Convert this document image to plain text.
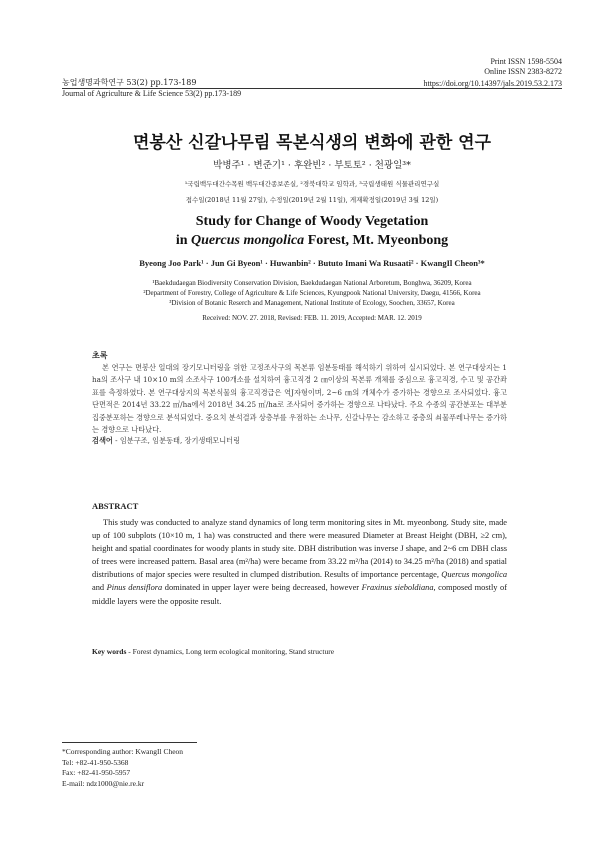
Print ISSN 1598-5504
Online ISSN 2383-8272
농업생명과학연구 53(2) pp.173-189	https://doi.org/10.14397/jals.2019.53.2.173
Journal of Agriculture & Life Science 53(2) pp.173-189
면봉산 신갈나무림 목본식생의 변화에 관한 연구
박병주¹ · 변준기¹ · 후완빈² · 부토토² · 천광일³*
¹국립백두대간수목원 백두대간종보존실, ²경북대학교 임학과, ³국립생태원 식물관리연구실
접수일(2018년 11월 27일), 수정일(2019년 2월 11일), 게재확정일(2019년 3월 12일)
Study for Change of Woody Vegetation
in Quercus mongolica Forest, Mt. Myeonbong
Byeong Joo Park¹ · Jun Gi Byeon¹ · Huwanbin² · Bututo Imani Wa Rusaati² · KwangIl Cheon³*
¹Baekdudaegan Biodiversity Conservation Division, Baekdudaegan National Arboretum, Bonghwa, 36209, Korea
²Department of Forestry, College of Agriculture & Life Sciences, Kyungpook National University, Daegu, 41566, Korea
³Division of Botanic Reserch and Management, National Institute of Ecology, Soochen, 33657, Korea
Received: NOV. 27. 2018, Revised: FEB. 11. 2019, Accepted: MAR. 12. 2019
초록
본 연구는 면봉산 일대의 장기모니터링을 위한 고정조사구의 목본류 임분동태를 해석하기 위하여 실시되었다. 본 연구대상지는 1 ha의 조사구 내 10×10 m의 소조사구 100개소를 설치하여 흉고직경 2 ㎝이상의 목본류 개체를 중심으로 흉고직경, 수고 및 공간좌표를 측정하였다. 본 연구대상지의 목본식물의 흉고직경급은 역J자형이며, 2~6 ㎝의 개체수가 증가하는 경향으로 조사되었다. 흉고단면적은 2014년 33.22 ㎡/ha에서 2018년 34.25 ㎡/ha로 조사되어 증가하는 경향으로 나타났다. 주요 수종의 공간분포는 대부분 집중분포하는 경향으로 분석되었다. 중요치 분석결과 상층부를 우점하는 소나무, 신갈나무는 감소하고 중층의 쇠물푸레나무는 증가하는 경향으로 나타났다.
검색어 - 임분구조, 임분동태, 장기생태모니터링
ABSTRACT
This study was conducted to analyze stand dynamics of long term monitoring sites in Mt. myeonbong. Study site, made up of 100 subplots (10×10 m, 1 ha) was constructed and there were measured Diameter at Breast Height (DBH, ≥2 cm), height and spatial coordinates for woody plants in study site. DBH distribution was inverse J shape, and 2~6 cm DBH class of trees were increased pattern. Basal area (m²/ha) were became from 33.22 m²/ha (2014) to 34.25 m²/ha (2018) and spatial distributions of major species were resulted in clumped distribution. Results of importance percentage, Quercus mongolica and Pinus densiflora dominated in upper layer were being decreased, however Fraxinus sieboldiana, composed mostly of middle layers were the opposite result.
Key words - Forest dynamics, Long term ecological monitoring, Stand structure
*Corresponding author: KwangIl Cheon
Tel: +82-41-950-5368
Fax: +82-41-950-5957
E-mail: ndz1000@nie.re.kr
